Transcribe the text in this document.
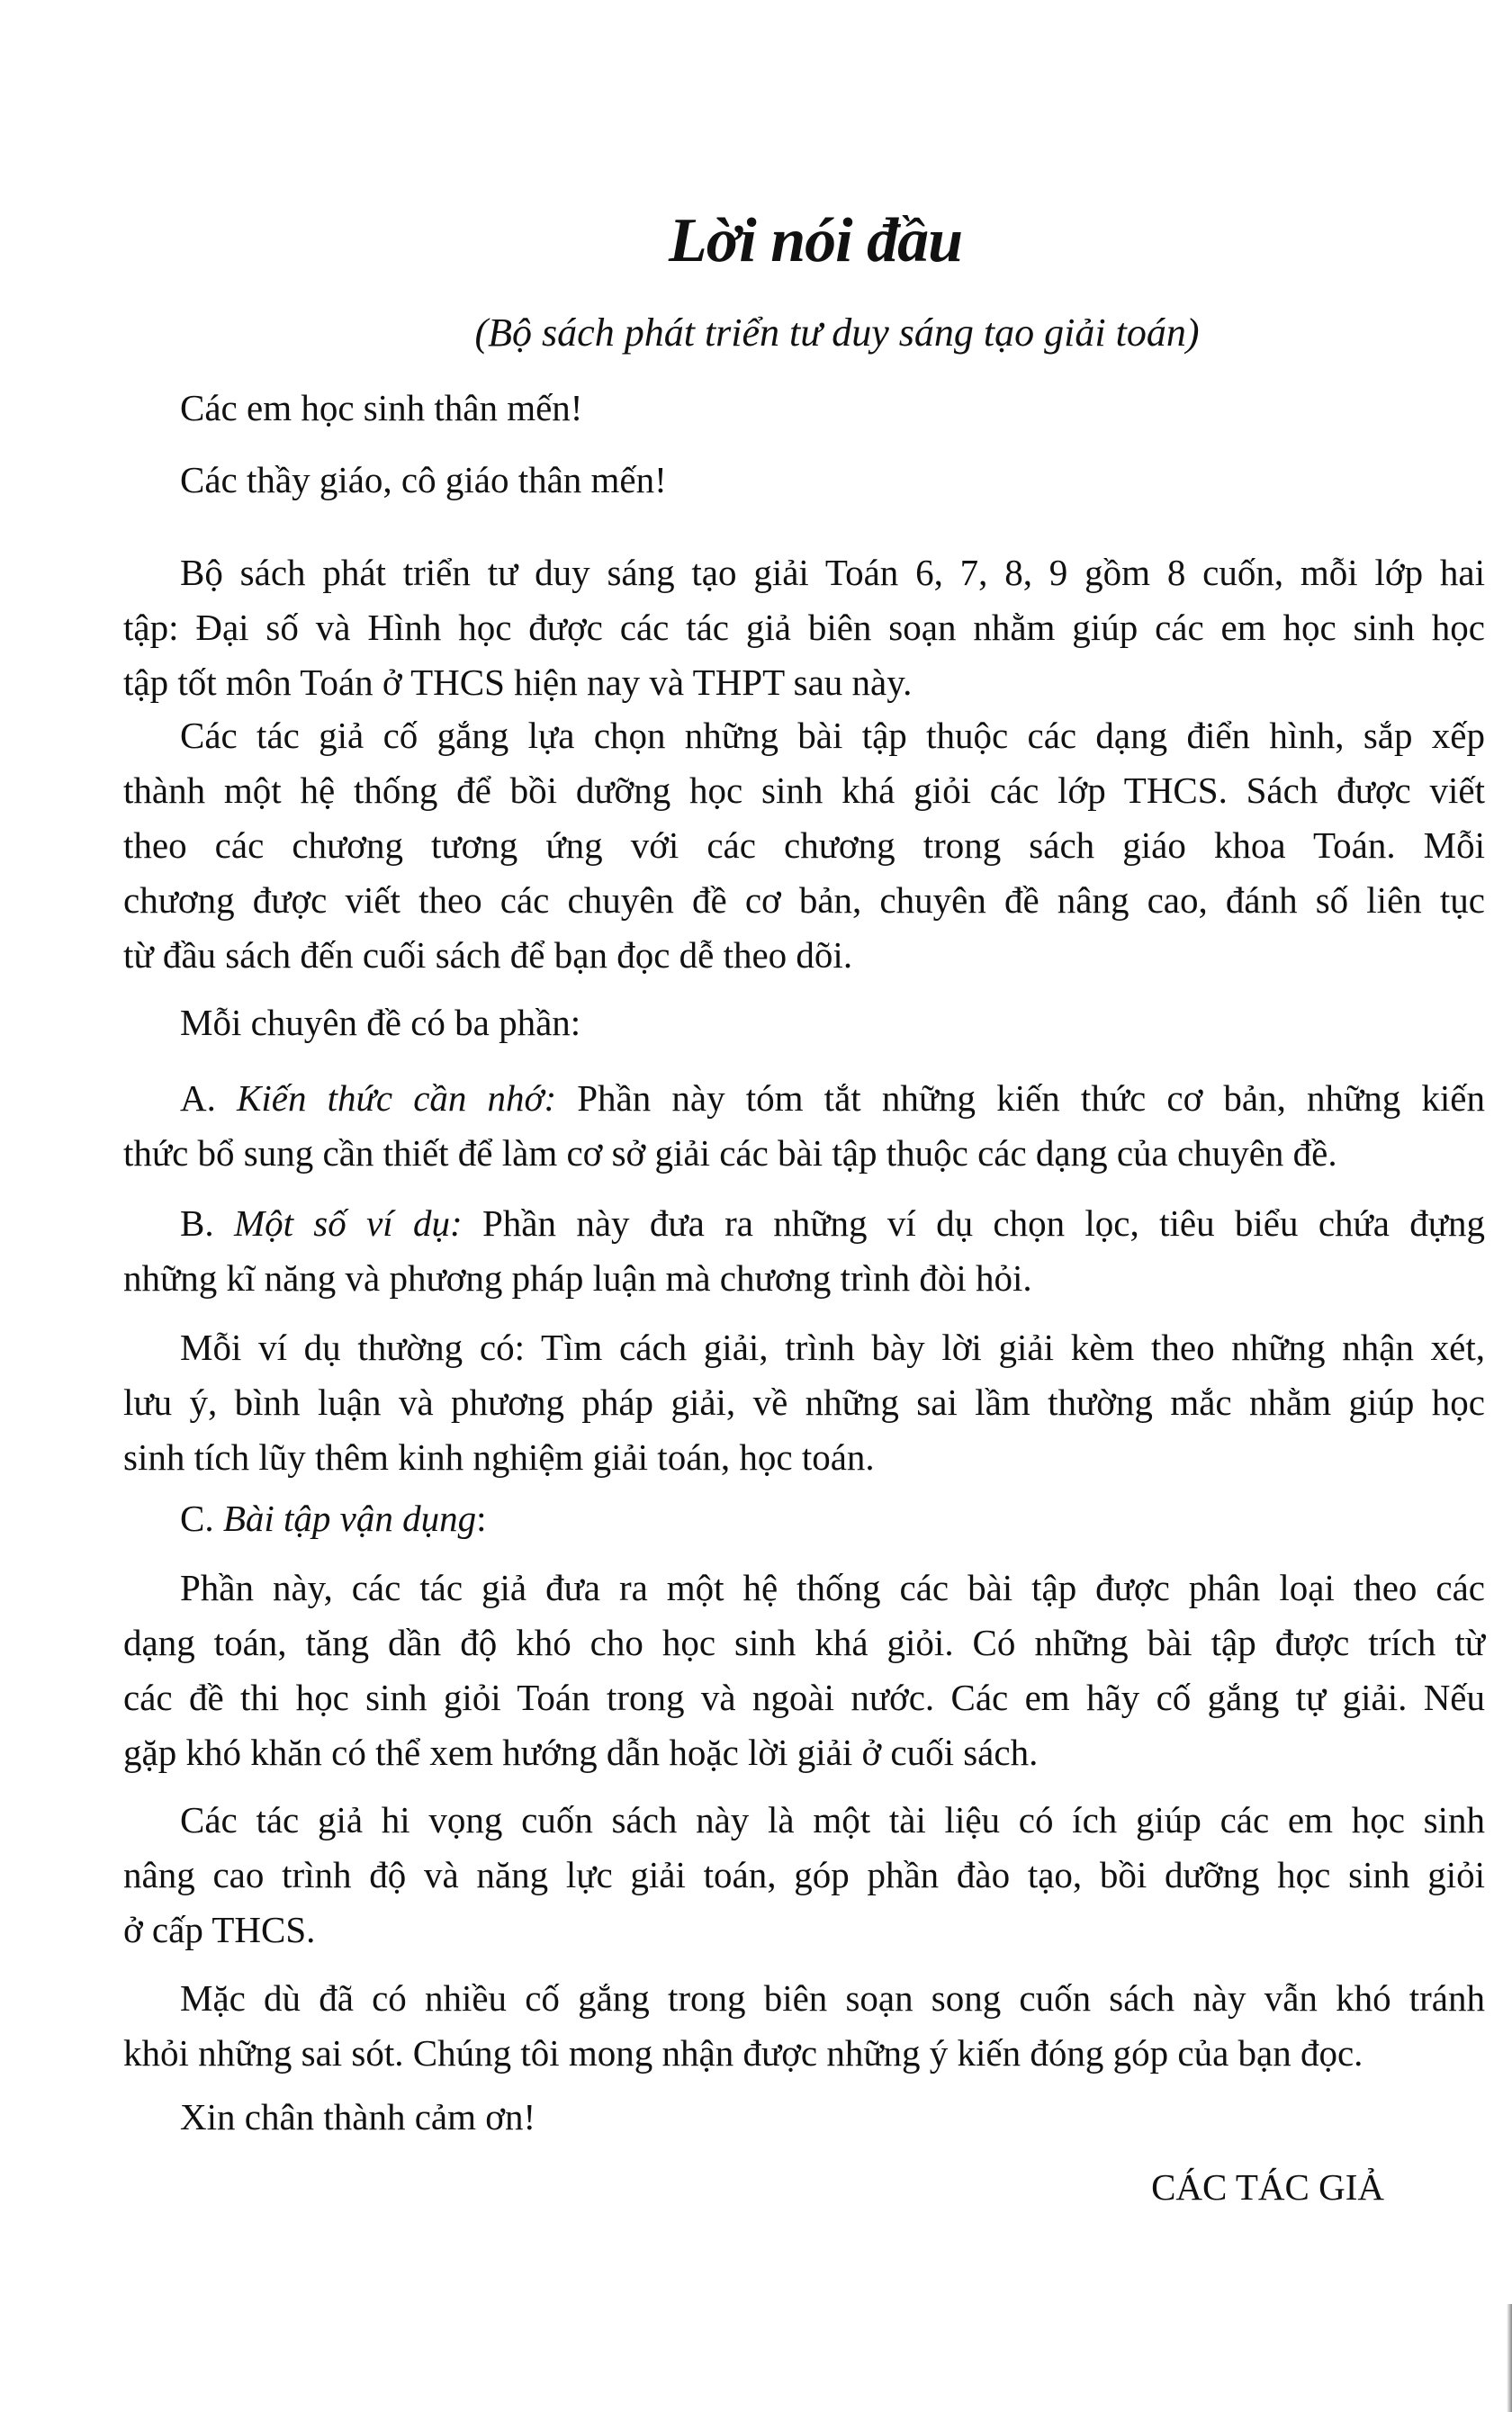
Lời nói đầu
(Bộ sách phát triển tư duy sáng tạo giải toán)
Các em học sinh thân mến!
Các thầy giáo, cô giáo thân mến!
Bộ sách phát triển tư duy sáng tạo giải Toán 6, 7, 8, 9 gồm 8 cuốn, mỗi lớp hai
tập: Đại số và Hình học được các tác giả biên soạn nhằm giúp các em học sinh học
tập tốt môn Toán ở THCS hiện nay và THPT sau này.
Các tác giả cố gắng lựa chọn những bài tập thuộc các dạng điển hình, sắp xếp
thành một hệ thống để bồi dưỡng học sinh khá giỏi các lớp THCS. Sách được viết
theo các chương tương ứng với các chương trong sách giáo khoa Toán. Mỗi
chương được viết theo các chuyên đề cơ bản, chuyên đề nâng cao, đánh số liên tục
từ đầu sách đến cuối sách để bạn đọc dễ theo dõi.
Mỗi chuyên đề có ba phần:
A. Kiến thức cần nhớ: Phần này tóm tắt những kiến thức cơ bản, những kiến
thức bổ sung cần thiết để làm cơ sở giải các bài tập thuộc các dạng của chuyên đề.
B. Một số ví dụ: Phần này đưa ra những ví dụ chọn lọc, tiêu biểu chứa đựng
những kĩ năng và phương pháp luận mà chương trình đòi hỏi.
Mỗi ví dụ thường có: Tìm cách giải, trình bày lời giải kèm theo những nhận xét,
lưu ý, bình luận và phương pháp giải, về những sai lầm thường mắc nhằm giúp học
sinh tích lũy thêm kinh nghiệm giải toán, học toán.
C. Bài tập vận dụng:
Phần này, các tác giả đưa ra một hệ thống các bài tập được phân loại theo các
dạng toán, tăng dần độ khó cho học sinh khá giỏi. Có những bài tập được trích từ
các đề thi học sinh giỏi Toán trong và ngoài nước. Các em hãy cố gắng tự giải. Nếu
gặp khó khăn có thể xem hướng dẫn hoặc lời giải ở cuối sách.
Các tác giả hi vọng cuốn sách này là một tài liệu có ích giúp các em học sinh
nâng cao trình độ và năng lực giải toán, góp phần đào tạo, bồi dưỡng học sinh giỏi
ở cấp THCS.
Mặc dù đã có nhiều cố gắng trong biên soạn song cuốn sách này vẫn khó tránh
khỏi những sai sót. Chúng tôi mong nhận được những ý kiến đóng góp của bạn đọc.
Xin chân thành cảm ơn!
CÁC TÁC GIẢ
